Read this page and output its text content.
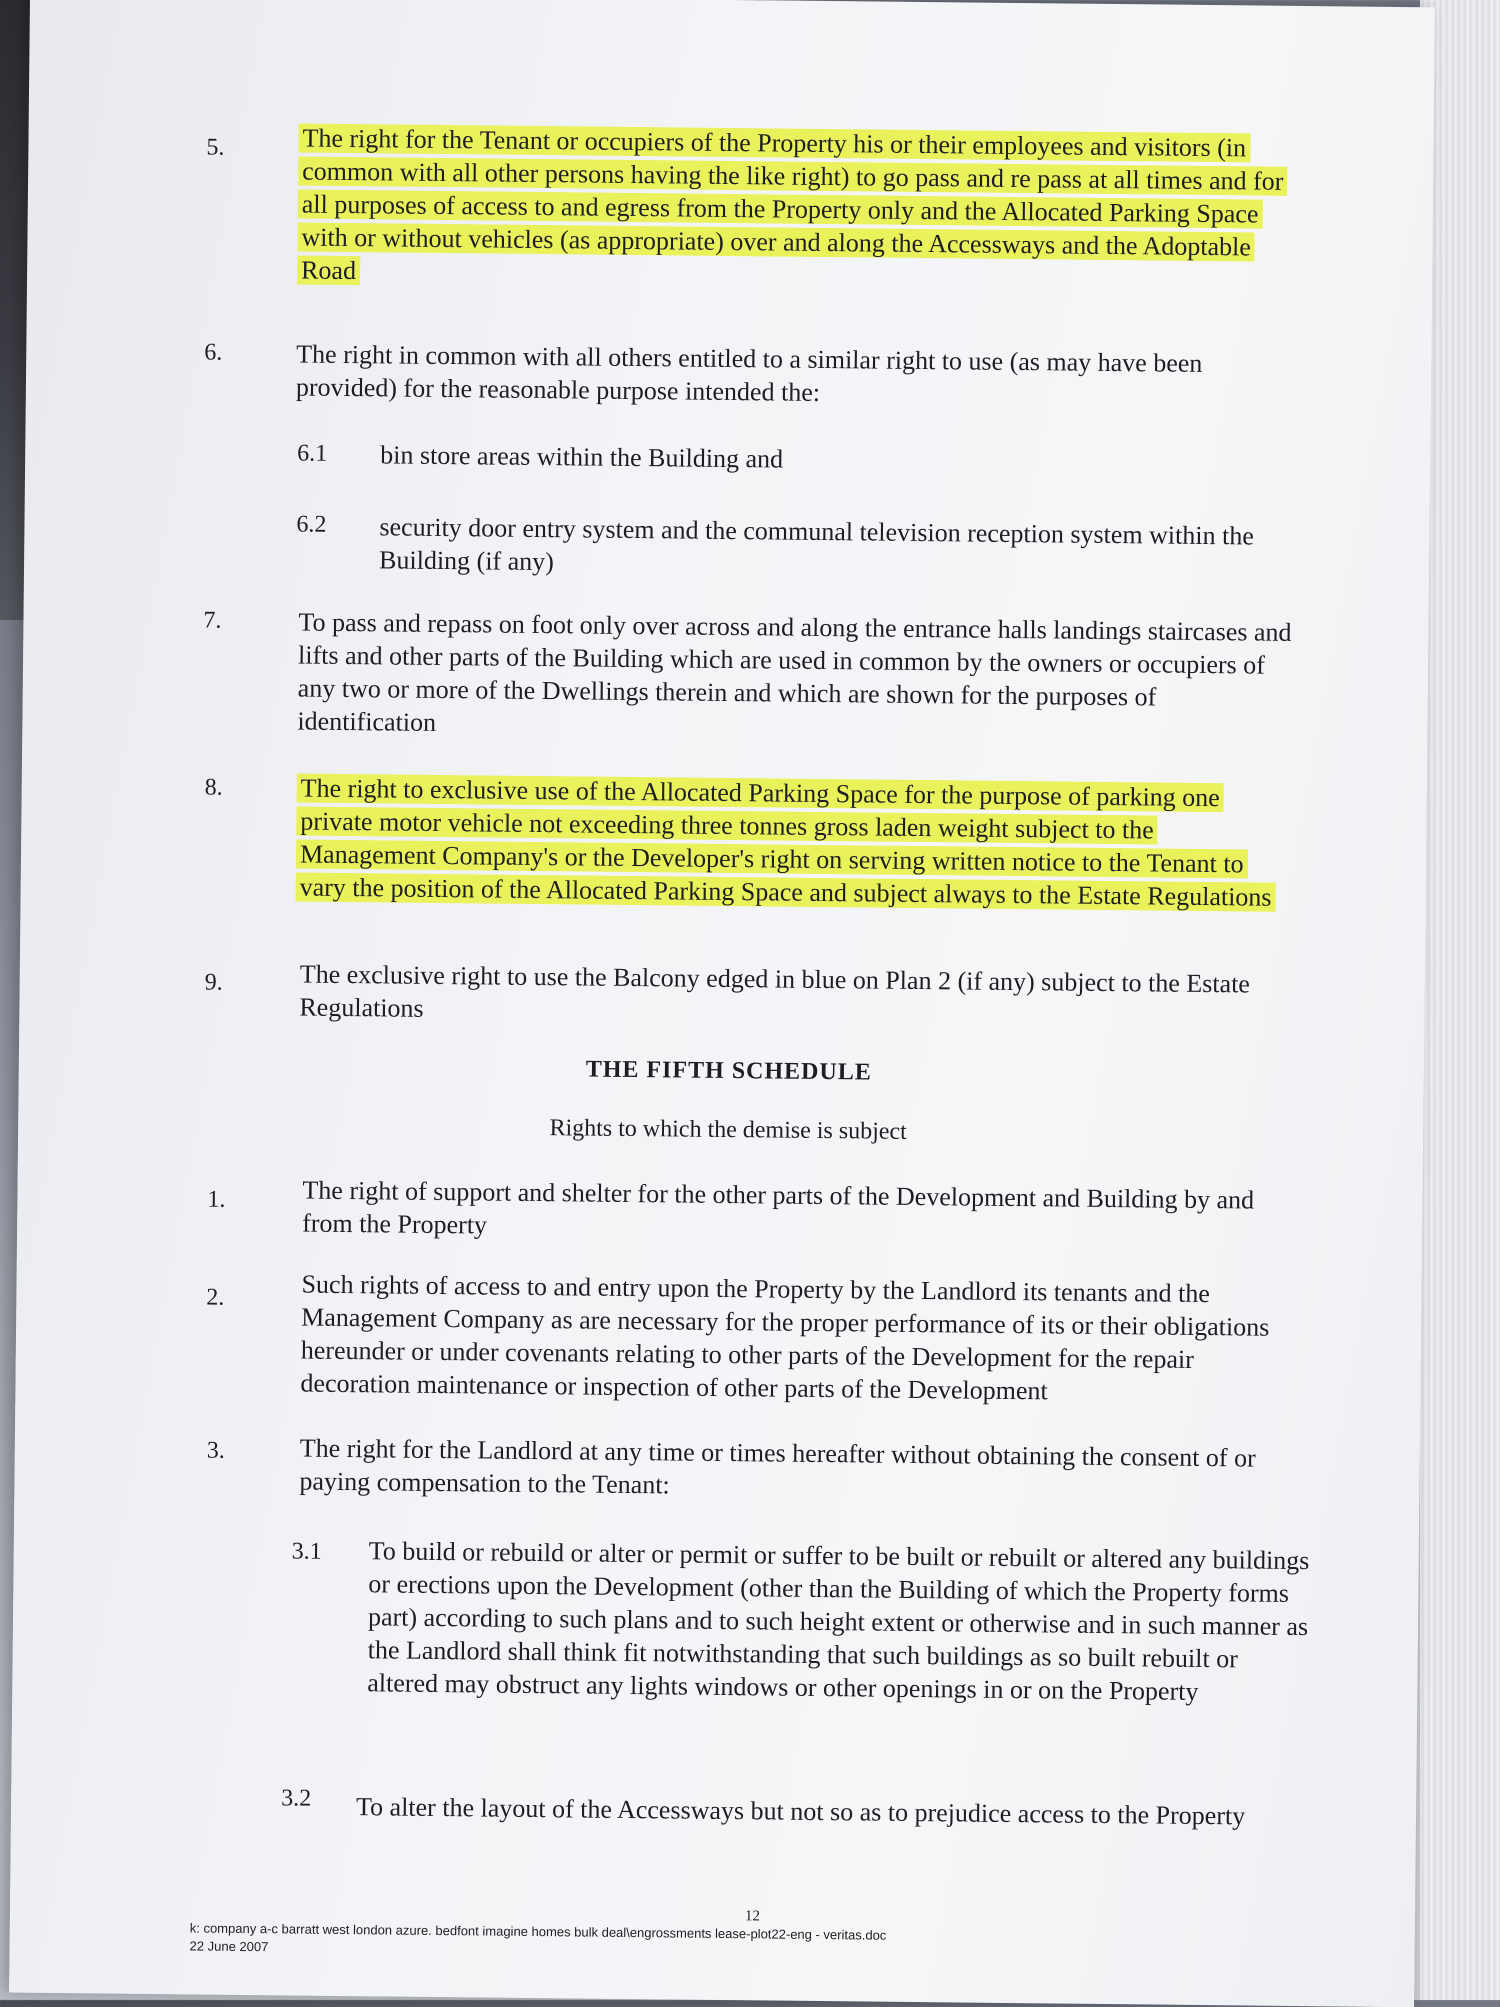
5.	The right for the Tenant or occupiers of the Property his or their employees and visitors (in common with all other persons having the like right) to go pass and re pass at all times and for all purposes of access to and egress from the Property only and the Allocated Parking Space with or without vehicles (as appropriate) over and along the Accessways and the Adoptable Road
6.	The right in common with all others entitled to a similar right to use (as may have been provided) for the reasonable purpose intended the:
6.1 bin store areas within the Building and
6.2 security door entry system and the communal television reception system within the Building (if any)
7.	To pass and repass on foot only over across and along the entrance halls landings staircases and lifts and other parts of the Building which are used in common by the owners or occupiers of any two or more of the Dwellings therein and which are shown for the purposes of identification
8.	The right to exclusive use of the Allocated Parking Space for the purpose of parking one private motor vehicle not exceeding three tonnes gross laden weight subject to the Management Company's or the Developer's right on serving written notice to the Tenant to vary the position of the Allocated Parking Space and subject always to the Estate Regulations
9.	The exclusive right to use the Balcony edged in blue on Plan 2 (if any) subject to the Estate Regulations
THE FIFTH SCHEDULE
Rights to which the demise is subject
1.	The right of support and shelter for the other parts of the Development and Building by and from the Property
2.	Such rights of access to and entry upon the Property by the Landlord its tenants and the Management Company as are necessary for the proper performance of its or their obligations hereunder or under covenants relating to other parts of the Development for the repair decoration maintenance or inspection of other parts of the Development
3.	The right for the Landlord at any time or times hereafter without obtaining the consent of or paying compensation to the Tenant:
3.1 To build or rebuild or alter or permit or suffer to be built or rebuilt or altered any buildings or erections upon the Development (other than the Building of which the Property forms part) according to such plans and to such height extent or otherwise and in such manner as the Landlord shall think fit notwithstanding that such buildings as so built rebuilt or altered may obstruct any lights windows or other openings in or on the Property
3.2 To alter the layout of the Accessways but not so as to prejudice access to the Property
12
k: company a-c barratt west london azure. bedfont imagine homes bulk deal\engrossments lease-plot22-eng - veritas.doc
22 June 2007
